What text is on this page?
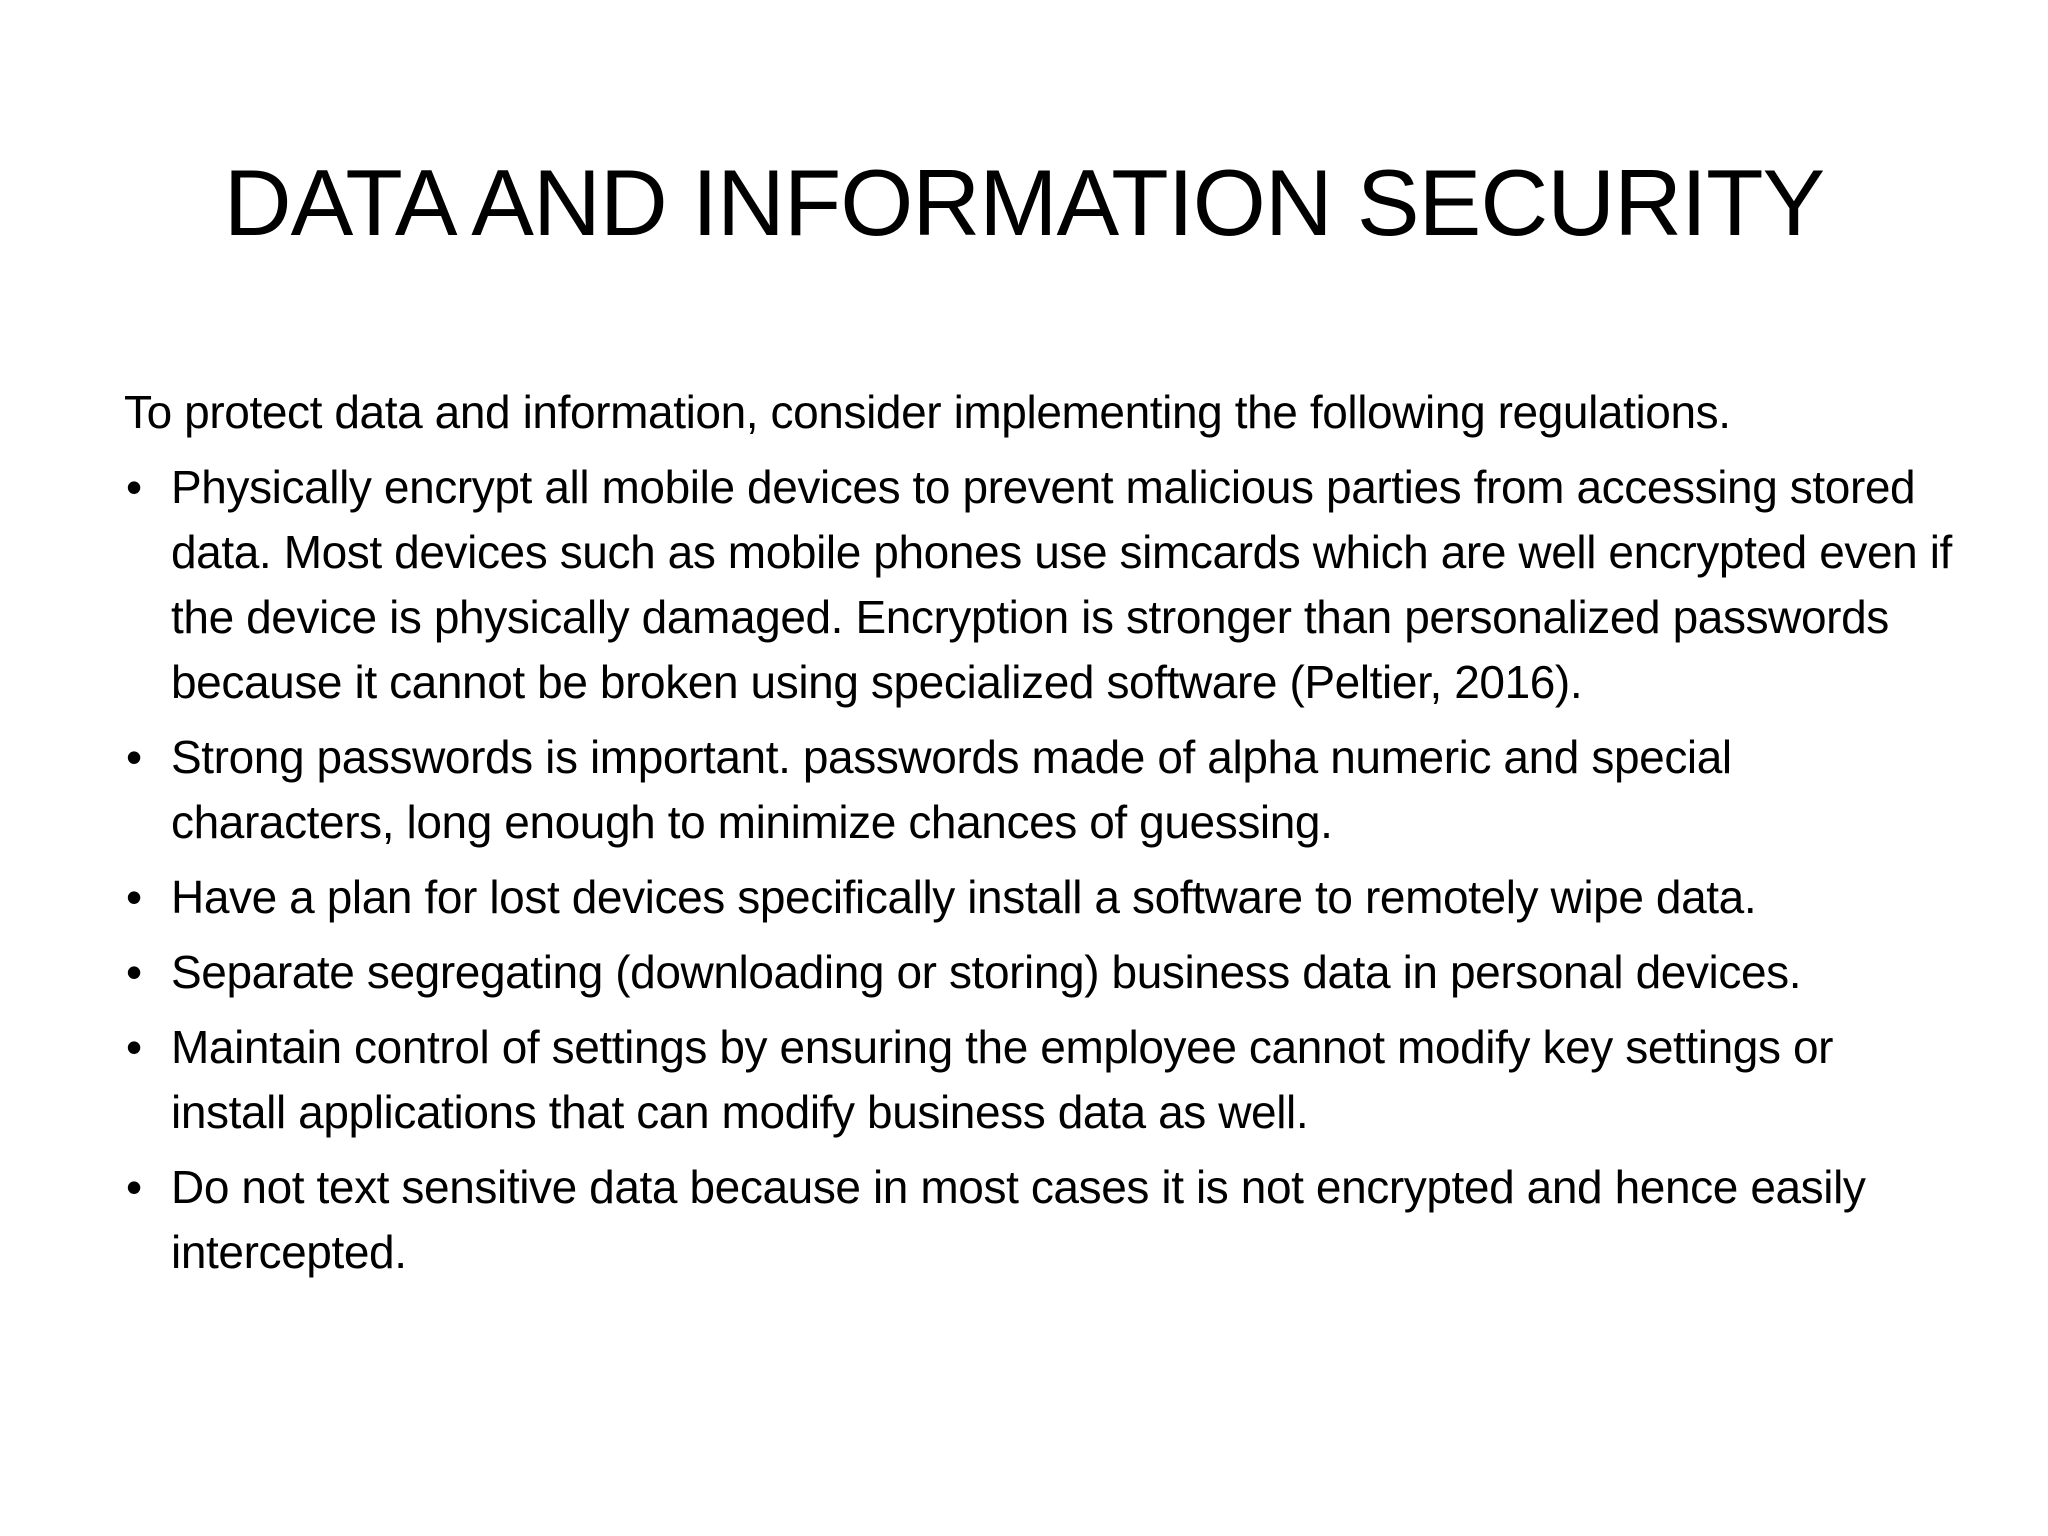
DATA AND INFORMATION SECURITY

To protect data and information, consider implementing the following regulations.

• Physically encrypt all mobile devices to prevent malicious parties from accessing stored data. Most devices such as mobile phones use simcards which are well encrypted even if the device is physically damaged. Encryption is stronger than personalized passwords because it cannot be broken using specialized software (Peltier, 2016).
• Strong passwords is important. passwords made of alpha numeric and special characters, long enough to minimize chances of guessing.
• Have a plan for lost devices specifically install a software to remotely wipe data.
• Separate segregating (downloading or storing) business data in personal devices.
• Maintain control of settings by ensuring the employee cannot modify key settings or install applications that can modify business data as well.
• Do not text sensitive data because in most cases it is not encrypted and hence easily intercepted.
